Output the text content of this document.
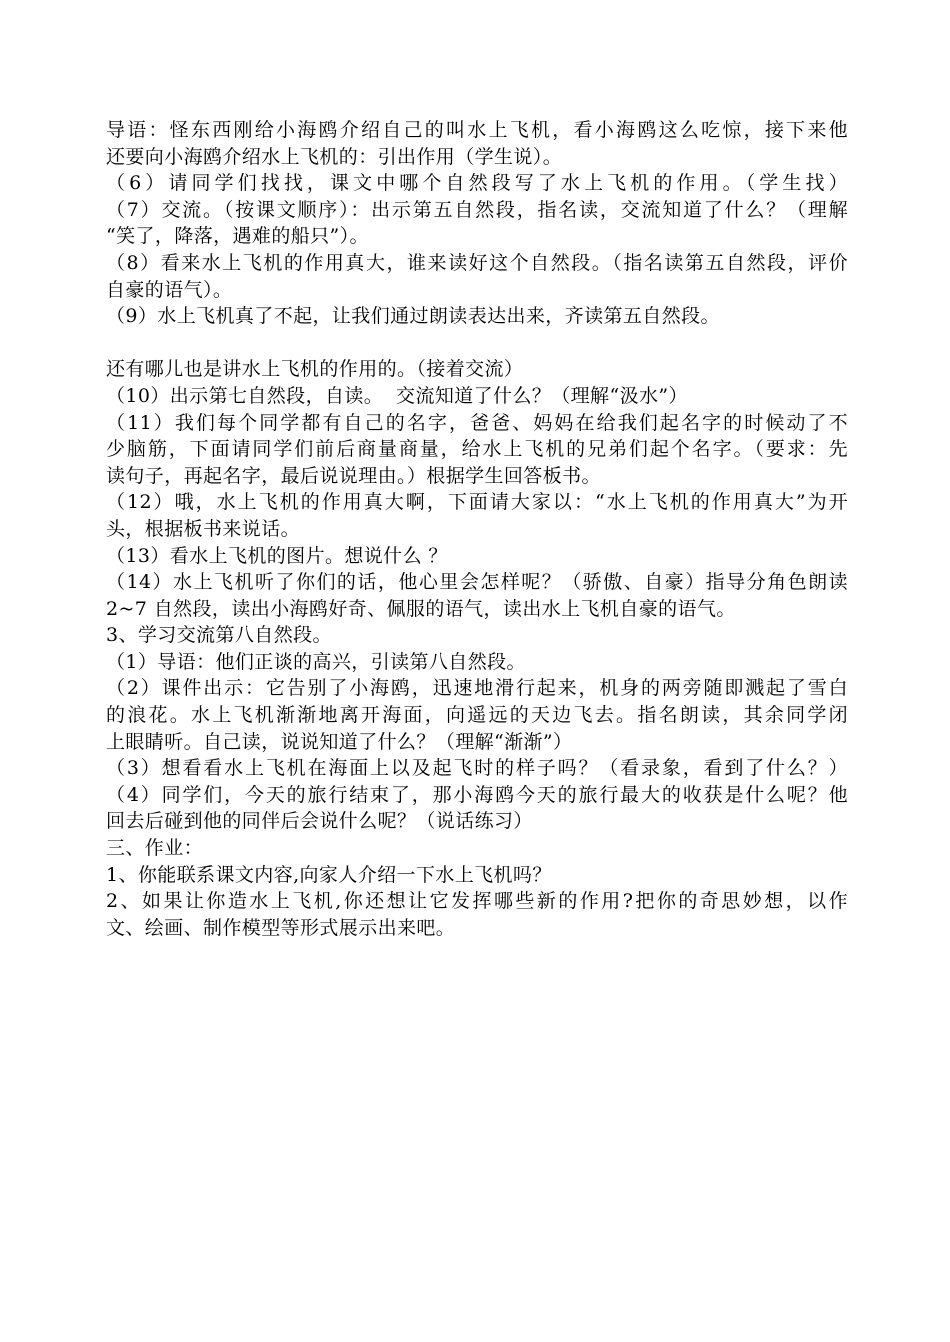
导语：怪东西刚给小海鸥介绍自己的叫水上飞机，看小海鸥这么吃惊，接下来他
还要向小海鸥介绍水上飞机的：引出作用（学生说）。
（6）请同学们找找，课文中哪个自然段写了水上飞机的作用。（学生找）
（7）交流。（按课文顺序）：出示第五自然段，指名读，交流知道了什么？（理解
“笑了，降落，遇难的船只”）。
（8）看来水上飞机的作用真大，谁来读好这个自然段。（指名读第五自然段，评价
自豪的语气）。
（9）水上飞机真了不起，让我们通过朗读表达出来，齐读第五自然段。
还有哪儿也是讲水上飞机的作用的。（接着交流）
（10）出示第七自然段，自读。  交流知道了什么？（理解“汲水”）
（11）我们每个同学都有自己的名字，爸爸、妈妈在给我们起名字的时候动了不
少脑筋，下面请同学们前后商量商量，给水上飞机的兄弟们起个名字。（要求：先
读句子，再起名字，最后说说理由。）根据学生回答板书。
（12）哦，水上飞机的作用真大啊，下面请大家以：“水上飞机的作用真大”为开
头，根据板书来说话。
（13）看水上飞机的图片。想说什么 ？
（14）水上飞机听了你们的话，他心里会怎样呢？（骄傲、自豪）指导分角色朗读
2~7 自然段，读出小海鸥好奇、佩服的语气，读出水上飞机自豪的语气。
3、学习交流第八自然段。
（1）导语：他们正谈的高兴，引读第八自然段。
（2）课件出示：它告别了小海鸥，迅速地滑行起来，机身的两旁随即溅起了雪白
的浪花。水上飞机渐渐地离开海面，向遥远的天边飞去。指名朗读，其余同学闭
上眼睛听。自己读，说说知道了什么？（理解“渐渐”）
（3）想看看水上飞机在海面上以及起飞时的样子吗？（看录象，看到了什么？）
（4）同学们，今天的旅行结束了，那小海鸥今天的旅行最大的收获是什么呢？他
回去后碰到他的同伴后会说什么呢？（说话练习）
三、作业：
1、你能联系课文内容,向家人介绍一下水上飞机吗？
2、如果让你造水上飞机,你还想让它发挥哪些新的作用?把你的奇思妙想，以作
文、绘画、制作模型等形式展示出来吧。
